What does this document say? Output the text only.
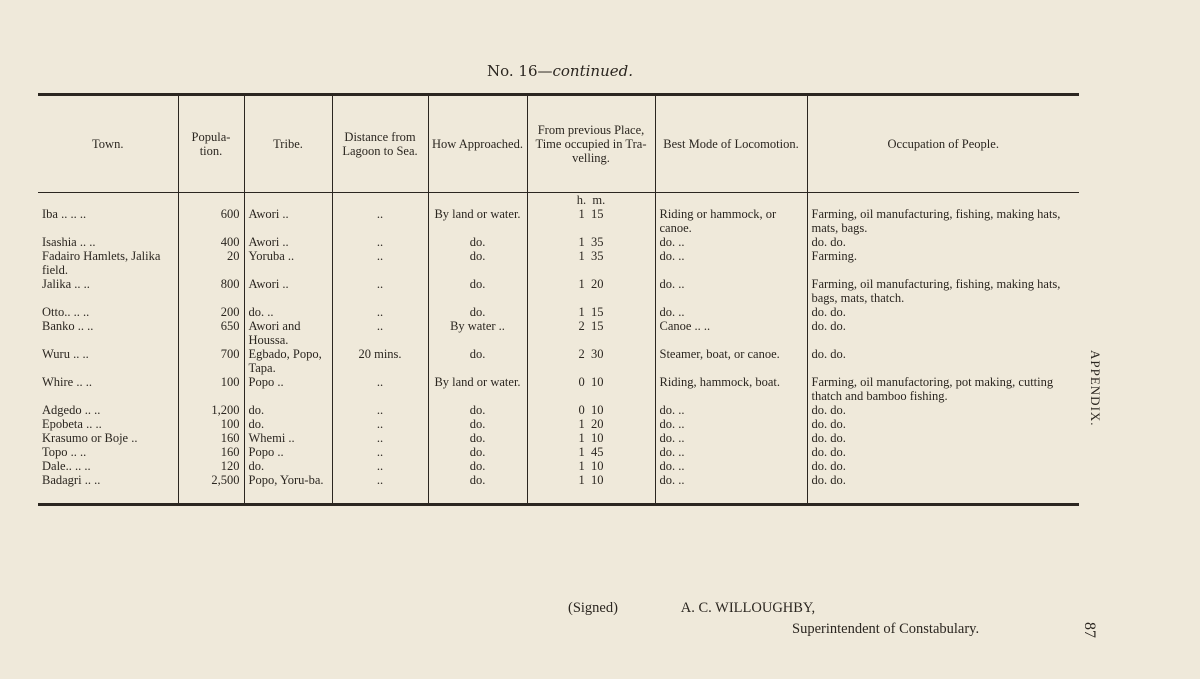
No. 16—continued.
Town.	Popula-tion.	Tribe.	Distance from Lagoon to Sea.	How Approached.	From previous Place, Time occupied in Tra-velling.	Best Mode of Locomotion.	Occupation of People.
					h.  m.		
Iba .. .. ..	600	Awori ..	..	By land or water.	1  15	Riding or hammock, or canoe.	Farming, oil manufacturing, fishing, making hats, mats, bags.
Isashia .. ..	400	Awori ..	..	do.	1  35	do. ..	do. do.
Fadairo Hamlets, Jalika field.	20	Yoruba ..	..	do.	1  35	do. ..	Farming.
Jalika .. ..	800	Awori ..	..	do.	1  20	do. ..	Farming, oil manufacturing, fishing, making hats, bags, mats, thatch.
Otto.. .. ..	200	do. ..	..	do.	1  15	do. ..	do. do.
Banko .. ..	650	Awori and Houssa.	..	By water ..	2  15	Canoe .. ..	do. do.
Wuru .. ..	700	Egbado, Popo, Tapa.	20 mins.	do.	2  30	Steamer, boat, or canoe.	do. do.
Whire .. ..	100	Popo ..	..	By land or water.	0  10	Riding, hammock, boat.	Farming, oil manufactoring, pot making, cutting thatch and bamboo fishing.
Adgedo .. ..	1,200	do.	..	do.	0  10	do. ..	do. do.
Epobeta .. ..	100	do.	..	do.	1  20	do. ..	do. do.
Krasumo or Boje ..	160	Whemi ..	..	do.	1  10	do. ..	do. do.
Topo .. ..	160	Popo ..	..	do.	1  45	do. ..	do. do.
Dale.. .. ..	120	do.	..	do.	1  10	do. ..	do. do.
Badagri .. ..	2,500	Popo, Yoru-ba.	..	do.	1  10	do. ..	do. do.
(Signed)	A. C. WILLOUGHBY,
Superintendent of Constabulary.
APPENDIX.
87
